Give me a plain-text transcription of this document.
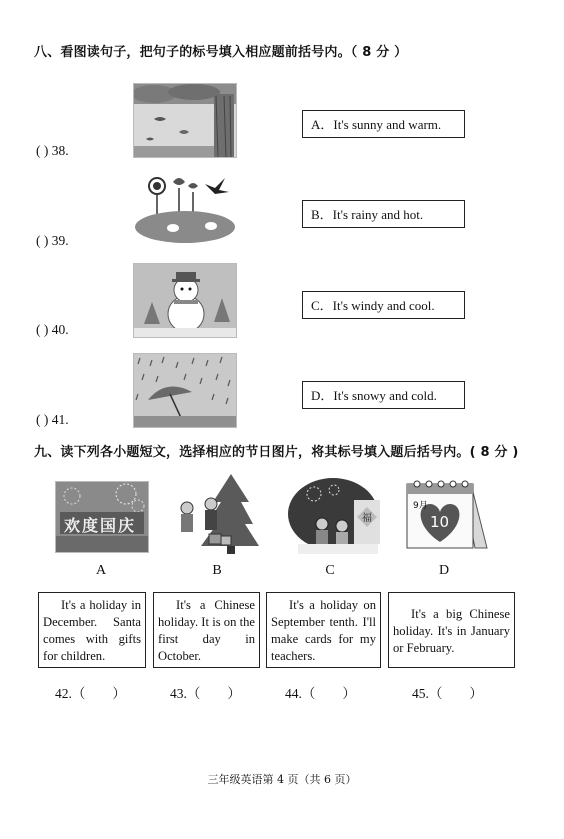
八、看图读句子，把句子的标号填入相应题前括号内。（ 8 分 ）
( ) 38.
A．It's sunny and warm.
( ) 39.
B．It's rainy and hot.
( ) 40.
C．It's windy and cool.
( ) 41.
D．It's snowy and cold.
九、读下列各小题短文，选择相应的节日图片，将其标号填入题后括号内。( 8 分 )
欢度国庆
A	B
福
C
9月
10
D
It's a holiday in December. Santa comes with gifts for children.
It's a Chinese holiday. It is on the first day in October.
It's a holiday on September tenth. I'll make cards for my teachers.
It's a big Chinese holiday. It's in January or February.
42.（        ）	43.（        ）	44.（        ）	45.（        ）
三年级英语第 4 页（共 6 页）
